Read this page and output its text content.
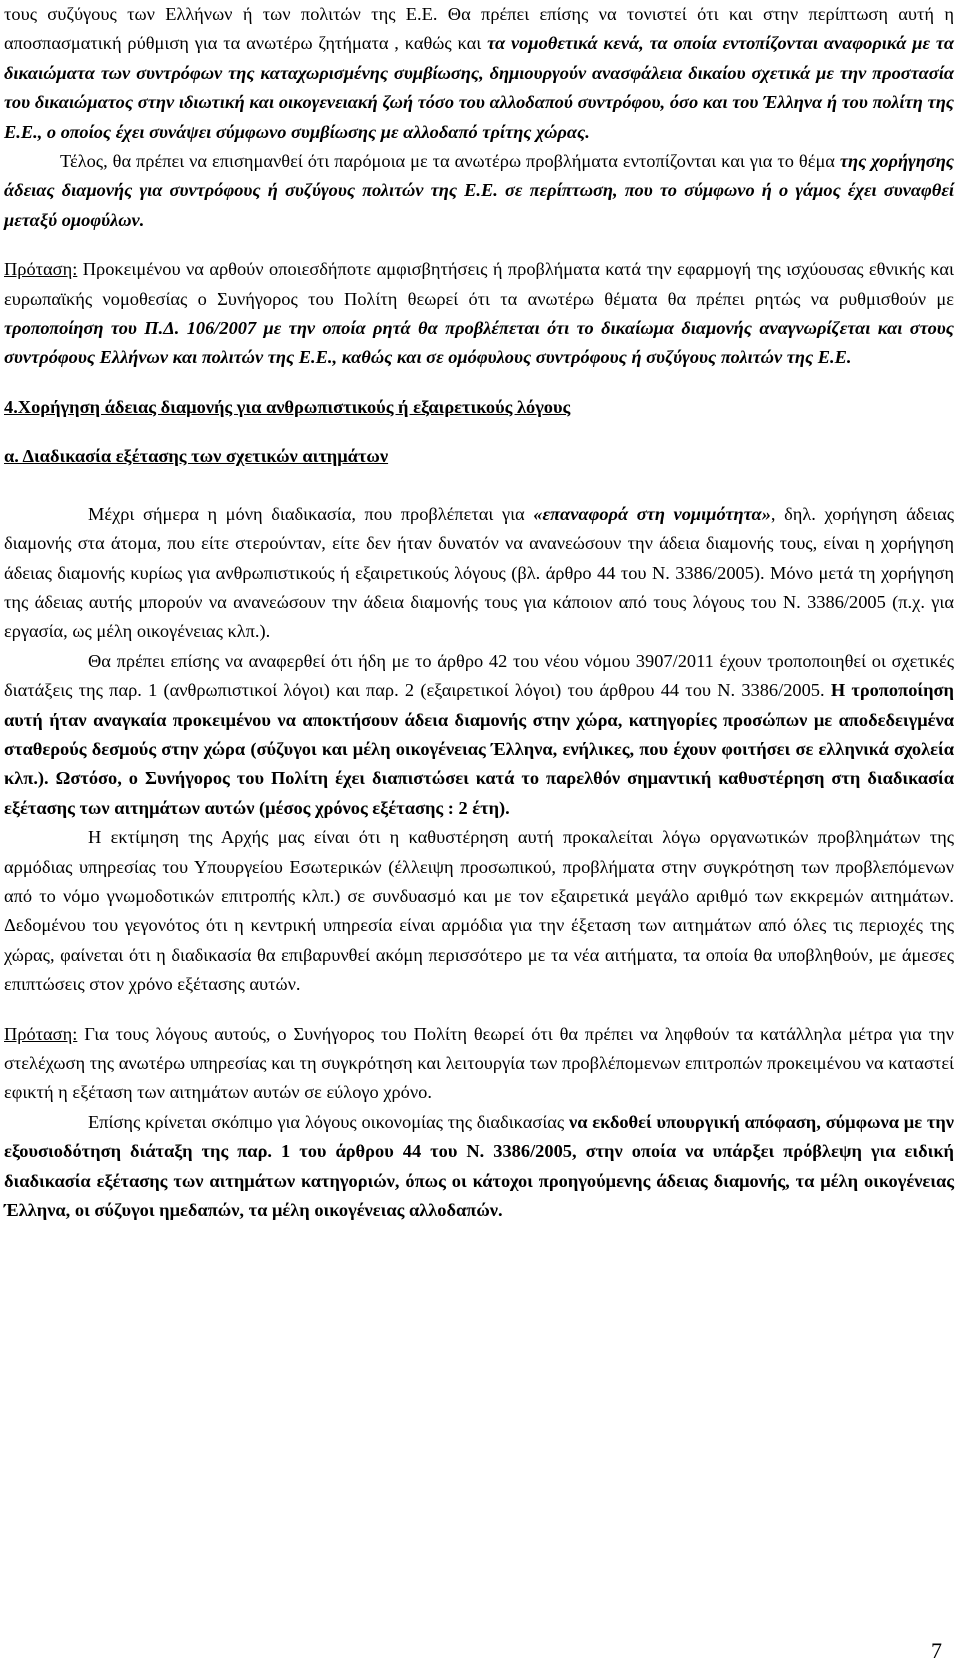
τους συζύγους των Ελλήνων ή των πολιτών της Ε.Ε. Θα πρέπει επίσης να τονιστεί ότι και στην περίπτωση αυτή η αποσπασματική ρύθμιση για τα ανωτέρω ζητήματα , καθώς και τα νομοθετικά κενά, τα οποία εντοπίζονται αναφορικά με τα δικαιώματα των συντρόφων της καταχωρισμένης συμβίωσης, δημιουργούν ανασφάλεια δικαίου σχετικά με την προστασία του δικαιώματος στην ιδιωτική και οικογενειακή ζωή τόσο του αλλοδαπού συντρόφου, όσο και του Έλληνα ή του πολίτη της Ε.Ε., ο οποίος έχει συνάψει σύμφωνο συμβίωσης με αλλοδαπό τρίτης χώρας.

Τέλος, θα πρέπει να επισημανθεί ότι παρόμοια με τα ανωτέρω προβλήματα εντοπίζονται και για το θέμα της χορήγησης άδειας διαμονής για συντρόφους ή συζύγους πολιτών της Ε.Ε. σε περίπτωση, που το σύμφωνο ή ο γάμος έχει συναφθεί μεταξύ ομοφύλων.

Πρόταση: Προκειμένου να αρθούν οποιεσδήποτε αμφισβητήσεις ή προβλήματα κατά την εφαρμογή της ισχύουσας εθνικής και ευρωπαϊκής νομοθεσίας ο Συνήγορος του Πολίτη θεωρεί ότι τα ανωτέρω θέματα θα πρέπει ρητώς να ρυθμισθούν με τροποποίηση του Π.Δ. 106/2007 με την οποία ρητά θα προβλέπεται ότι το δικαίωμα διαμονής αναγνωρίζεται και στους συντρόφους Ελλήνων και πολιτών της Ε.Ε., καθώς και σε ομόφυλους συντρόφους ή συζύγους πολιτών της Ε.Ε.

4.Χορήγηση άδειας διαμονής για ανθρωπιστικούς ή εξαιρετικούς λόγους

α. Διαδικασία εξέτασης των σχετικών αιτημάτων

Μέχρι σήμερα η μόνη διαδικασία, που προβλέπεται για «επαναφορά στη νομιμότητα», δηλ. χορήγηση άδειας διαμονής στα άτομα, που είτε στερούνταν, είτε δεν ήταν δυνατόν να ανανεώσουν την άδεια διαμονής τους, είναι η χορήγηση άδειας διαμονής κυρίως για ανθρωπιστικούς ή εξαιρετικούς λόγους (βλ. άρθρο 44 του Ν. 3386/2005). Μόνο μετά τη χορήγηση της άδειας αυτής μπορούν να ανανεώσουν την άδεια διαμονής τους για κάποιον από τους λόγους του Ν. 3386/2005 (π.χ. για εργασία, ως μέλη οικογένειας κλπ.).

Θα πρέπει επίσης να αναφερθεί ότι ήδη με το άρθρο 42 του νέου νόμου 3907/2011 έχουν τροποποιηθεί οι σχετικές διατάξεις της παρ. 1 (ανθρωπιστικοί λόγοι) και παρ. 2 (εξαιρετικοί λόγοι) του άρθρου 44 του Ν. 3386/2005. Η τροποποίηση αυτή ήταν αναγκαία προκειμένου να αποκτήσουν άδεια διαμονής στην χώρα, κατηγορίες προσώπων με αποδεδειγμένα σταθερούς δεσμούς στην χώρα (σύζυγοι και μέλη οικογένειας Έλληνα, ενήλικες, που έχουν φοιτήσει σε ελληνικά σχολεία κλπ.). Ωστόσο, ο Συνήγορος του Πολίτη έχει διαπιστώσει κατά το παρελθόν σημαντική καθυστέρηση στη διαδικασία εξέτασης των αιτημάτων αυτών (μέσος χρόνος εξέτασης : 2 έτη).

Η εκτίμηση της Αρχής μας είναι ότι η καθυστέρηση αυτή προκαλείται λόγω οργανωτικών προβλημάτων της αρμόδιας υπηρεσίας του Υπουργείου Εσωτερικών (έλλειψη προσωπικού, προβλήματα στην συγκρότηση των προβλεπόμενων από το νόμο γνωμοδοτικών επιτροπής κλπ.) σε συνδυασμό και με τον εξαιρετικά μεγάλο αριθμό των εκκρεμών αιτημάτων. Δεδομένου του γεγονότος ότι η κεντρική υπηρεσία είναι αρμόδια για την έξεταση των αιτημάτων από όλες τις περιοχές της χώρας, φαίνεται ότι η διαδικασία θα επιβαρυνθεί ακόμη περισσότερο με τα νέα αιτήματα, τα οποία θα υποβληθούν, με άμεσες επιπτώσεις στον χρόνο εξέτασης αυτών.

Πρόταση: Για τους λόγους αυτούς, ο Συνήγορος του Πολίτη θεωρεί ότι θα πρέπει να ληφθούν τα κατάλληλα μέτρα για την στελέχωση της ανωτέρω υπηρεσίας και τη συγκρότηση και λειτουργία των προβλέπομενων επιτροπών προκειμένου να καταστεί εφικτή η εξέταση των αιτημάτων αυτών σε εύλογο χρόνο.

Επίσης κρίνεται σκόπιμο για λόγους οικονομίας της διαδικασίας να εκδοθεί υπουργική απόφαση, σύμφωνα με την εξουσιοδότηση διάταξη της παρ. 1 του άρθρου 44 του Ν. 3386/2005, στην οποία να υπάρξει πρόβλεψη για ειδική διαδικασία εξέτασης των αιτημάτων κατηγοριών, όπως οι κάτοχοι προηγούμενης άδειας διαμονής, τα μέλη οικογένειας Έλληνα, οι σύζυγοι ημεδαπών, τα μέλη οικογένειας αλλοδαπών.

7
